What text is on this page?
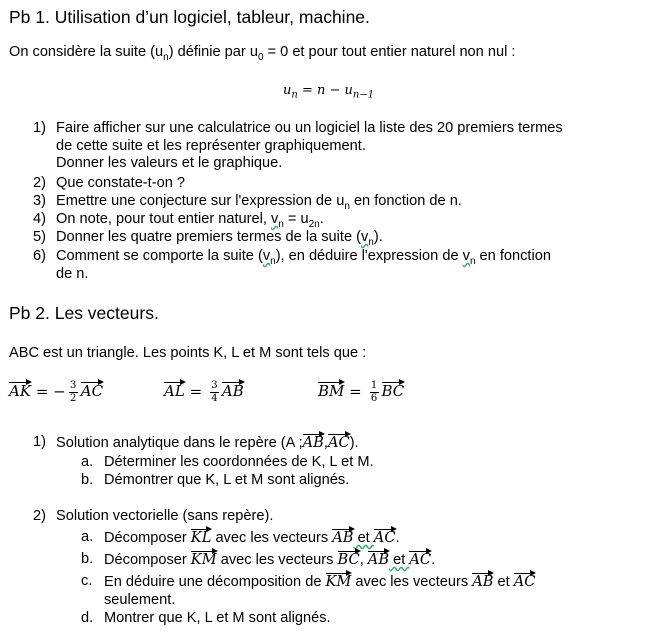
Pb 1. Utilisation d’un logiciel, tableur, machine.
On considère la suite $(u_n)$ définie par $u_0 = 0$ et pour tout entier naturel non nul :
$u_n = n - u_{n-1}$
1) Faire afficher sur une calculatrice ou un logiciel la liste des 20 premiers termes
de cette suite et les représenter graphiquement.
Donner les valeurs et le graphique.
2) Que constate-t-on ?
3) Emettre une conjecture sur l'expression de $u_n$ en fonction de n.
4) On note, pour tout entier naturel, $v_n = u_{2n}$.
5) Donner les quatre premiers termes de la suite $(v_n)$.
6) Comment se comporte la suite $(v_n)$, en déduire l'expression de $v_n$ en fonction
de n.
Pb 2. Les vecteurs.
ABC est un triangle. Les points K, L et M sont tels que :
AK = − $\frac{3}{2}$ AC	AL = $\frac{3}{4}$ AB	BM = $\frac{1}{6}$ BC
1) Solution analytique dans le repère (A ;AB,AC).
a. Déterminer les coordonnées de K, L et M.
b. Démontrer que K, L et M sont alignés.
2) Solution vectorielle (sans repère).
a. Décomposer KL avec les vecteurs AB et AC.
b. Décomposer KM avec les vecteurs BC, AB et AC.
c. En déduire une décomposition de KM avec les vecteurs AB et AC
seulement.
d. Montrer que K, L et M sont alignés.
